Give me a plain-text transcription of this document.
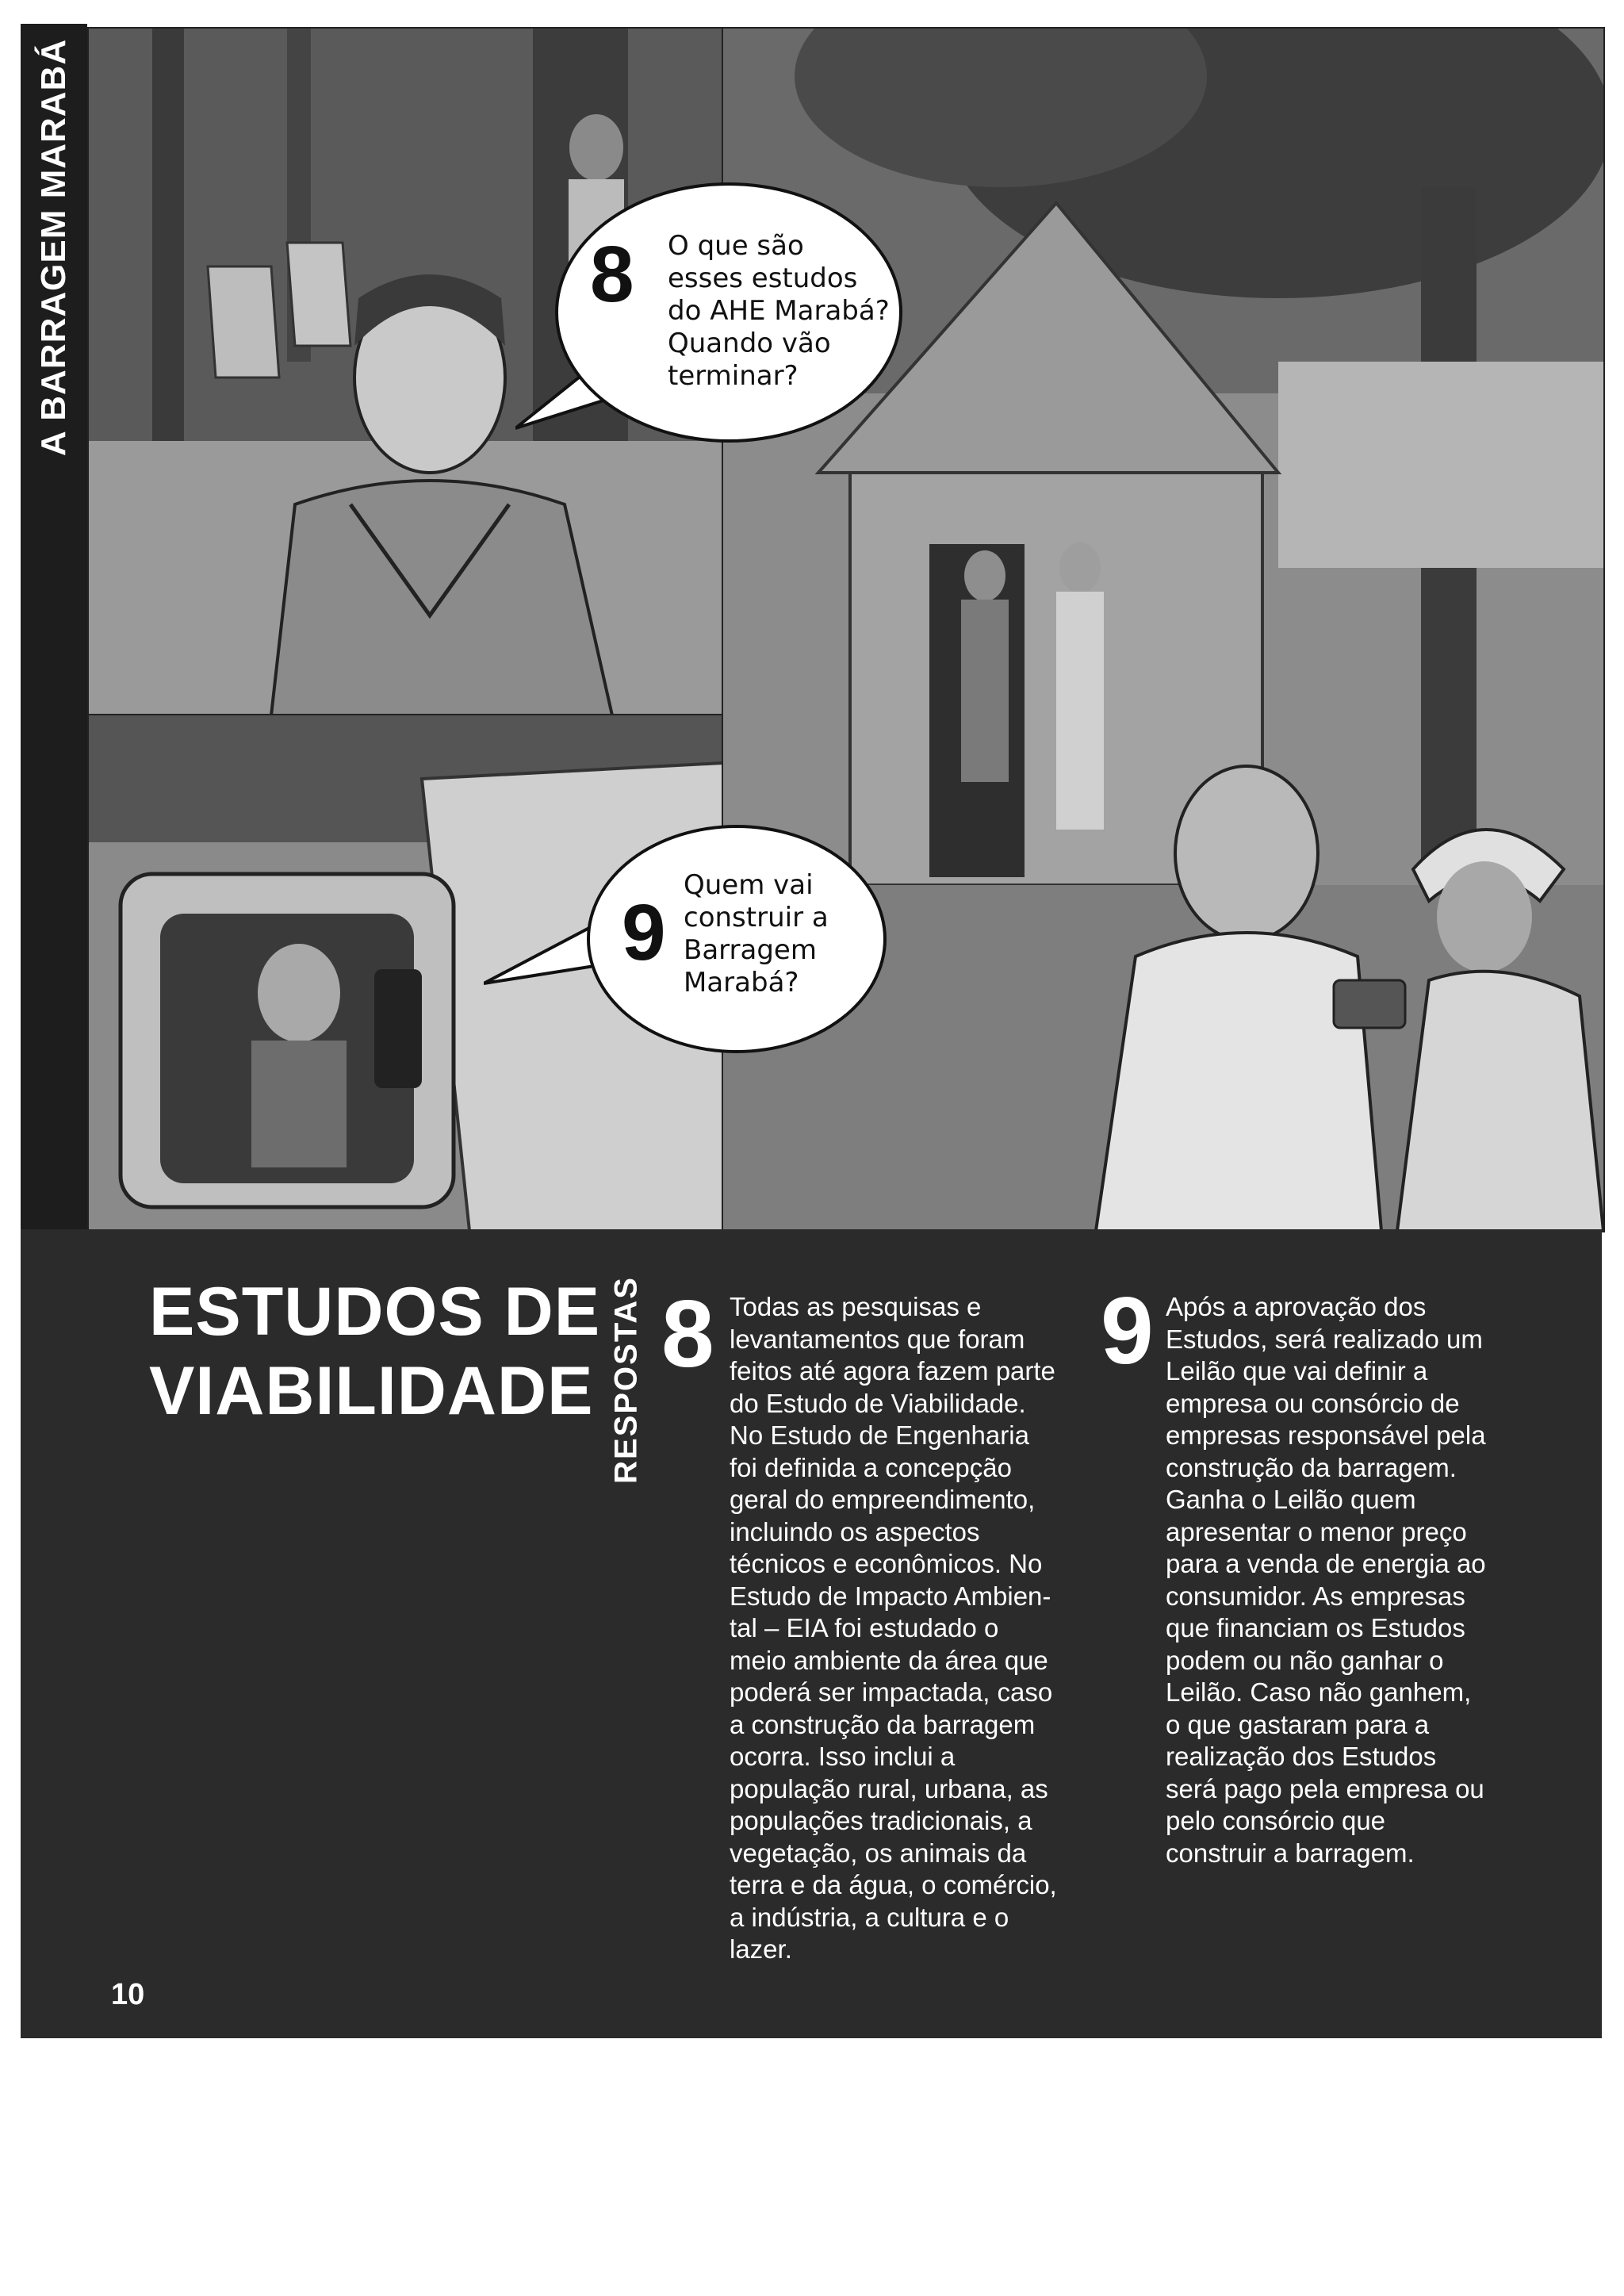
A BARRAGEM MARABÁ	8 O que são
esses estudos
do AHE Marabá?
Quando vão
terminar?
9
Quem vai
construir a
Barragem
Marabá?
ESTUDOS DE
VIABILIDADE RESPOSTAS 8 Todas as pesquisas e
levantamentos que foram
feitos até agora fazem parte
do Estudo de Viabilidade.
No Estudo de Engenharia
foi definida a concepção
geral do empreendimento,
incluindo os aspectos
técnicos e econômicos. No
Estudo de Impacto Ambien-
tal – EIA foi estudado o
meio ambiente da área que
poderá ser impactada, caso
a construção da barragem
ocorra. Isso inclui a
população rural, urbana, as
populações tradicionais, a
vegetação, os animais da
terra e da água, o comércio,
a indústria, a cultura e o
lazer.
9 Após a aprovação dos
Estudos, será realizado um
Leilão que vai definir a
empresa ou consórcio de
empresas responsável pela
construção da barragem.
Ganha o Leilão quem
apresentar o menor preço
para a venda de energia ao
consumidor. As empresas
que financiam os Estudos
podem ou não ganhar o
Leilão. Caso não ganhem,
o que gastaram para a
realização dos Estudos
será pago pela empresa ou
pelo consórcio que
construir a barragem.
10
